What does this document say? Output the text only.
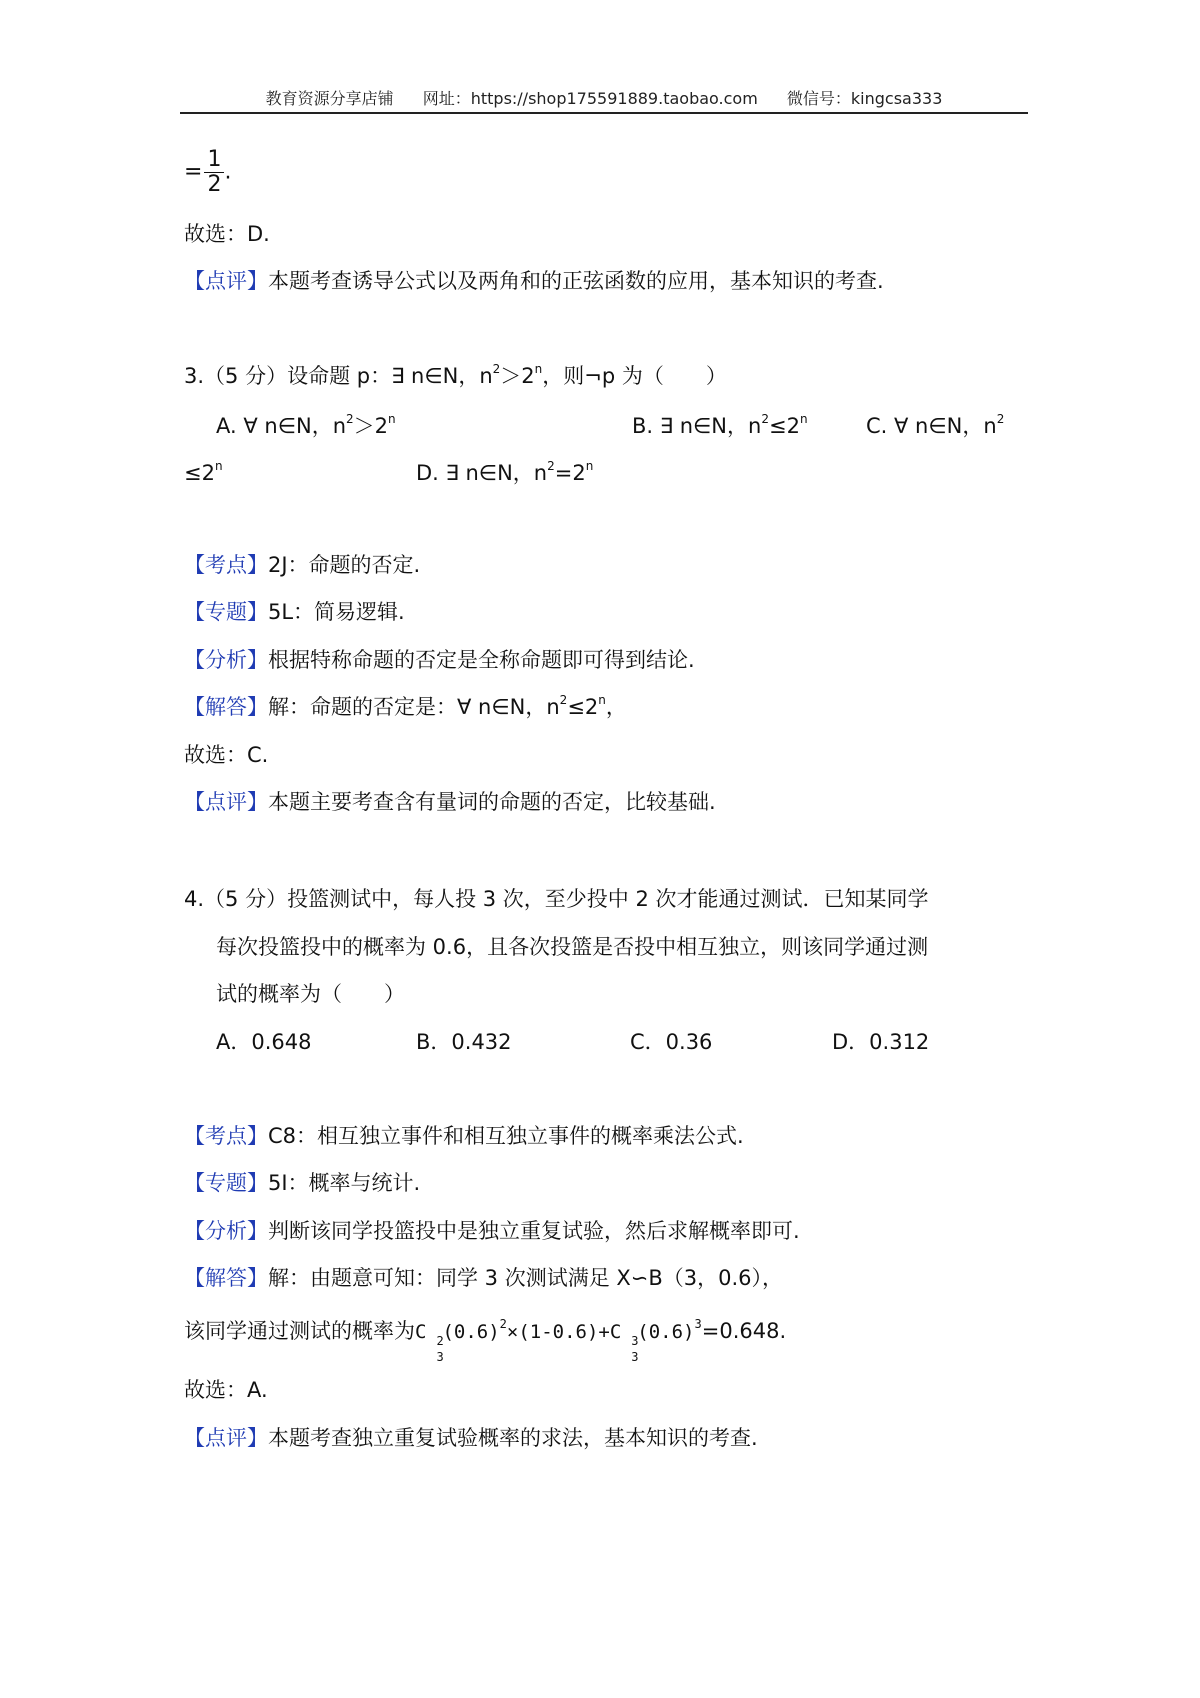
教育资源分享店铺 网址：https://shop175591889.taobao.com 微信号：kingcsa333
= $\frac{1}{2}$ .
故选：D.
【点评】本题考查诱导公式以及两角和的正弦函数的应用，基本知识的考查.
3.（5 分）设命题 p：∃ n∈N，$n^2>2^n$，则¬p 为（　　）
A. ∀ n∈N，$n^2>2^n$	B. ∃ n∈N，$n^2\le 2^n$	C. ∀ n∈N，$n^2$
$\le 2^n$	D. ∃ n∈N，$n^2=2^n$
【考点】2J：命题的否定.
【专题】5L：简易逻辑.
【分析】根据特称命题的否定是全称命题即可得到结论.
【解答】解：命题的否定是：∀ n∈N，$n^2\le 2^n$，
故选：C.
【点评】本题主要考查含有量词的命题的否定，比较基础.
4.（5 分）投篮测试中，每人投 3 次，至少投中 2 次才能通过测试．已知某同学
每次投篮投中的概率为 0.6，且各次投篮是否投中相互独立，则该同学通过测
试的概率为（　　）
A．0.648	B．0.432	C．0.36	D．0.312
【考点】C8：相互独立事件和相互独立事件的概率乘法公式.
【专题】5I：概率与统计.
【分析】判断该同学投篮投中是独立重复试验，然后求解概率即可.
【解答】解：由题意可知：同学 3 次测试满足 X∽B（3，0.6），
该同学通过测试的概率为C 2
3
$(0.6)^2\times(1-0.6)+C$ 3
3
$(0.6)^3=0.648$.
故选：A.
【点评】本题考查独立重复试验概率的求法，基本知识的考查.
